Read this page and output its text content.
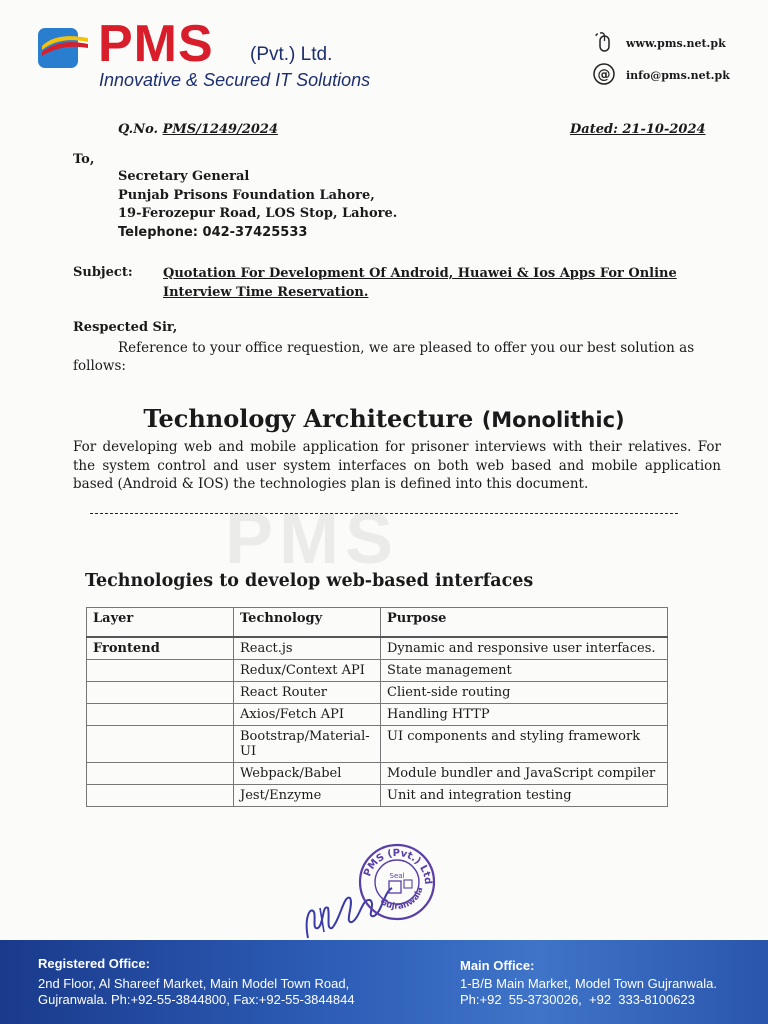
PMS (Pvt.) Ltd.
Innovative & Secured IT Solutions
www.pms.net.pk
@ info@pms.net.pk
Q.No. PMS/1249/2024	Dated: 21-10-2024
To,
Secretary General
Punjab Prisons Foundation Lahore,
19-Ferozepur Road, LOS Stop, Lahore.
Telephone: 042-37425533
Subject: Quotation For Development Of Android, Huawei & Ios Apps For Online Interview Time Reservation.
Respected Sir,
Reference to your office requestion, we are pleased to offer you our best solution as follows:
Technology Architecture (Monolithic)
For developing web and mobile application for prisoner interviews with their relatives. For the system control and user system interfaces on both web based and mobile application based (Android & IOS) the technologies plan is defined into this document.
PMS
Technologies to develop web-based interfaces
Layer	Technology	Purpose
Frontend	React.js	Dynamic and responsive user interfaces.
	Redux/Context API	State management
	React Router	Client-side routing
	Axios/Fetch API	Handling HTTP
	Bootstrap/Material-UI	UI components and styling framework
	Webpack/Babel	Module bundler and JavaScript compiler
	Jest/Enzyme	Unit and integration testing
PMS (Pvt.) Ltd
Gujranwala
Seal
Registered Office:
2nd Floor, Al Shareef Market, Main Model Town Road,
Gujranwala. Ph:+92-55-3844800, Fax:+92-55-3844844
Main Office:
1-B/B Main Market, Model Town Gujranwala.
Ph:+92  55-3730026,  +92  333-8100623
